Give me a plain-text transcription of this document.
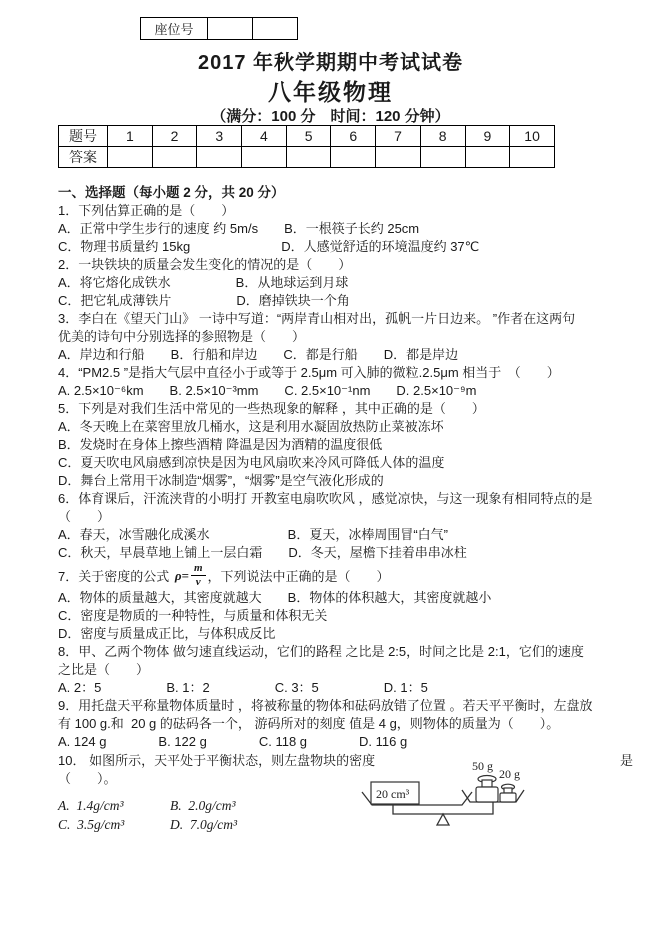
座位号		
2017 年秋学期期中考试试卷
八年级物理
（满分：100 分　时间：120 分钟）
题号	1	2	3	4	5	6	7	8	9	10
答案										
一、选择题（每小题 2 分，共 20 分）
1．下列估算正确的是（　　）
A．正常中学生步行的速度 约 5m/s　　B．一根筷子长约 25cm
C．物理书质量约 15kg　　　　　　　D．人感觉舒适的环境温度约 37℃
2．一块铁块的质量会发生变化的情况的是（　　）
A．将它熔化成铁水　　　　　B．从地球运到月球
C．把它轧成薄铁片　　　　　D．磨掉铁块一个角
3．李白在《望天门山》 一诗中写道：“两岸青山相对出，孤帆一片日边来。 ”作者在这两句
优美的诗句中分别选择的参照物是（　　）
A．岸边和行船　　B．行船和岸边　　C．都是行船　　D．都是岸边
4．“PM2.5 ”是指大气层中直径小于或等于 2.5μm 可入肺的微粒.2.5μm 相当于　（　　）
A. 2.5×10⁻⁶km　　B. 2.5×10⁻³mm　　C. 2.5×10⁻¹nm　　D. 2.5×10⁻⁹m
5．下列是对我们生活中常见的一些热现象的解释 ，其中正确的是（　　）
A．冬天晚上在菜窖里放几桶水，这是利用水凝固放热防止菜被冻坏
B．发烧时在身体上擦些酒精 降温是因为酒精的温度很低
C．夏天吹电风扇感到凉快是因为电风扇吹来冷风可降低人体的温度
D．舞台上常用干冰制造“烟雾”，“烟雾”是空气液化形成的
6．体育课后，汗流浃背的小明打 开教室电扇吹吹风 ，感觉凉快，与这一现象有相同特点的是
（　　）
A．春天，冰雪融化成溪水　　　　　　B．夏天，冰棒周围冒“白气”
C．秋天，早晨草地上铺上一层白霜　　D．冬天，屋檐下挂着串串冰柱
7．关于密度的公式 $\rho = \frac{m}{v}$ ，下列说法中正确的是（　　）
A．物体的质量越大，其密度就越大　　B．物体的体积越大，其密度就越小
C．密度是物质的一种特性，与质量和体积无关
D．密度与质量成正比，与体积成反比
8．甲、乙两个物体 做匀速直线运动，它们的路程 之比是 2:5，时间之比是 2:1，它们的速度
之比是（　　）
A. 2：5　　　　　B. 1：2　　　　　C. 3：5　　　　　D. 1：5
9．用托盘天平称量物体质量时 ，将被称量的物体和砝码放错了位置 。若天平平衡时，左盘放
有 100 g.和  20 g 的砝码各一个， 游码所对的刻度 值是 4 g，则物体的质量为（　　）。
A. 124 g　　　　B. 122 g　　　　C. 118 g　　　　D. 116 g
10． 如图所示，天平处于平衡状态，则左盘物块的密度	是
（　　）。
A.  1.4g/cm³	B.  2.0g/cm³
C.  3.5g/cm³	D.  7.0g/cm³
20 cm³
50 g
20 g
